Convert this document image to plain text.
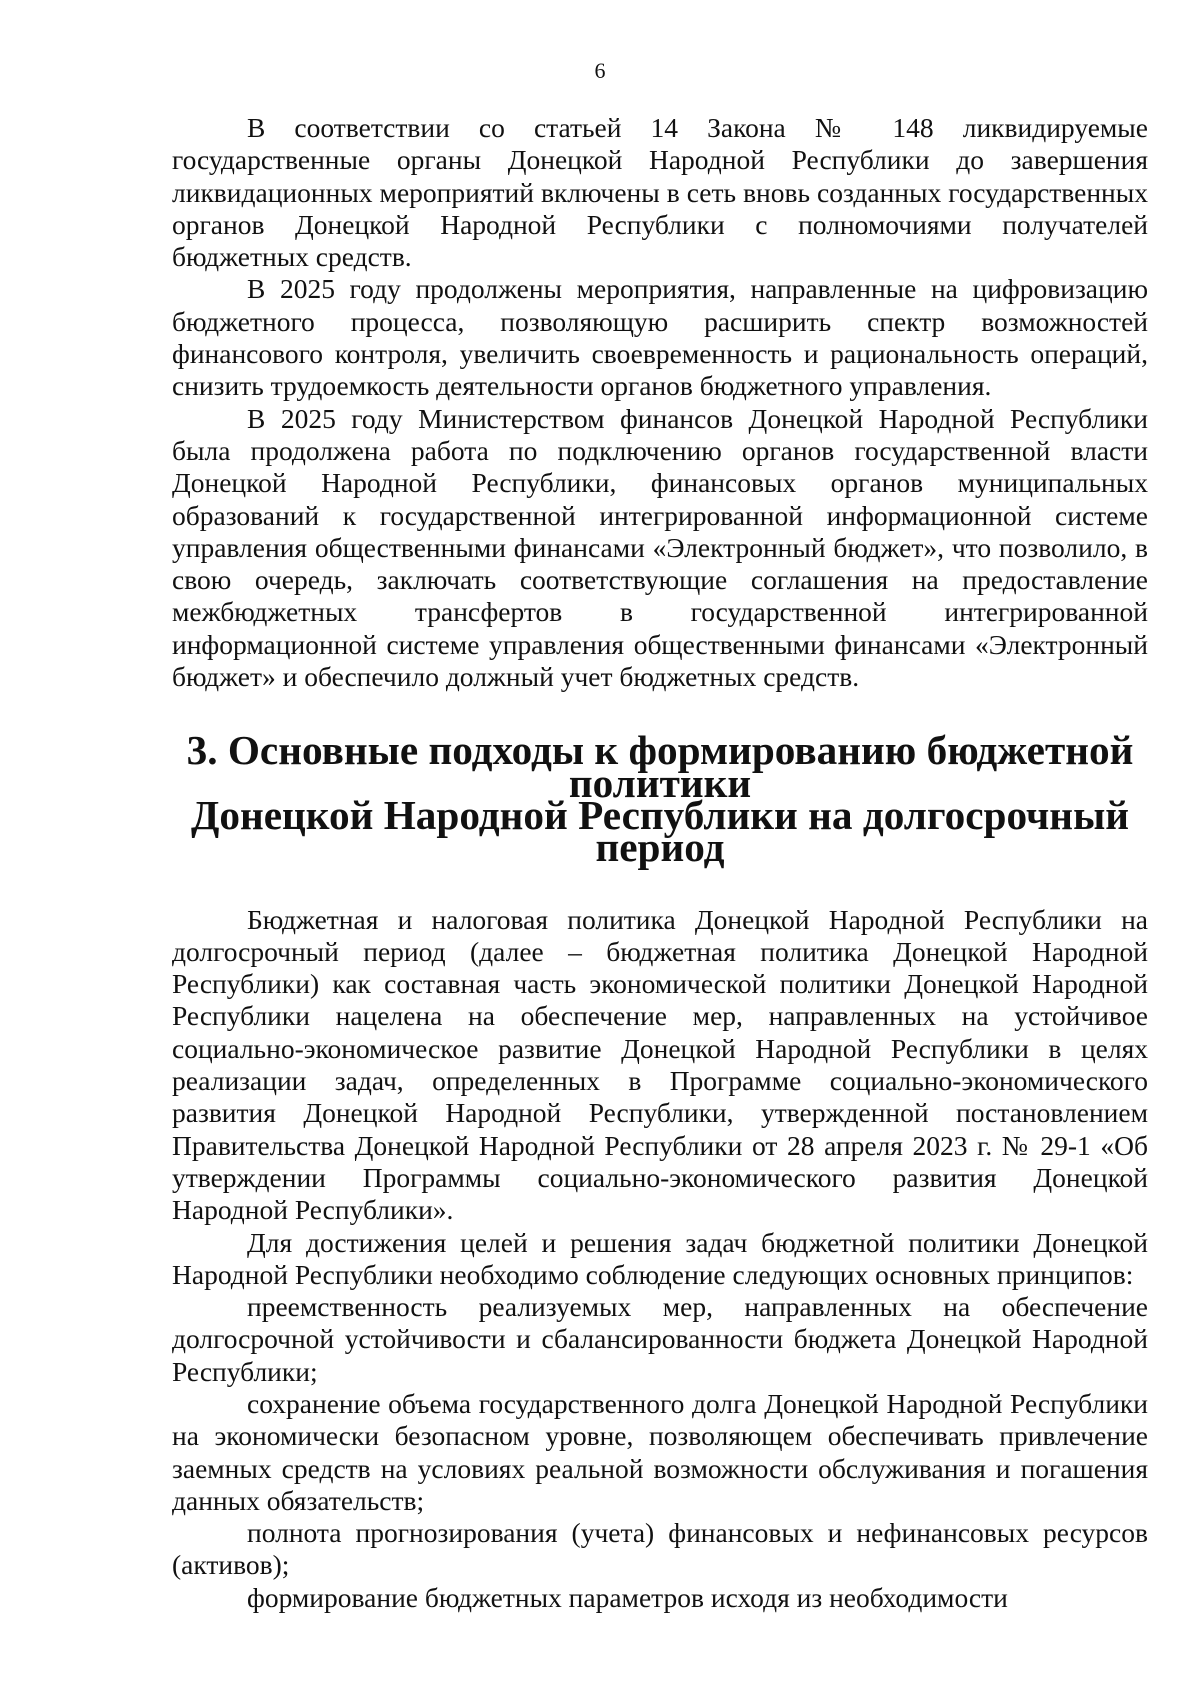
6

В соответствии со статьей 14 Закона № 148 ликвидируемые государственные органы Донецкой Народной Республики до завершения ликвидационных мероприятий включены в сеть вновь созданных государственных органов Донецкой Народной Республики с полномочиями получателей бюджетных средств.

В 2025 году продолжены мероприятия, направленные на цифровизацию бюджетного процесса, позволяющую расширить спектр возможностей финансового контроля, увеличить своевременность и рациональность операций, снизить трудоемкость деятельности органов бюджетного управления.

В 2025 году Министерством финансов Донецкой Народной Республики была продолжена работа по подключению органов государственной власти Донецкой Народной Республики, финансовых органов муниципальных образований к государственной интегрированной информационной системе управления общественными финансами «Электронный бюджет», что позволило, в свою очередь, заключать соответствующие соглашения на предоставление межбюджетных трансфертов в государственной интегрированной информационной системе управления общественными финансами «Электронный бюджет» и обеспечило должный учет бюджетных средств.

3. Основные подходы к формированию бюджетной политики
Донецкой Народной Республики на долгосрочный период

Бюджетная и налоговая политика Донецкой Народной Республики на долгосрочный период (далее – бюджетная политика Донецкой Народной Республики) как составная часть экономической политики Донецкой Народной Республики нацелена на обеспечение мер, направленных на устойчивое социально-экономическое развитие Донецкой Народной Республики в целях реализации задач, определенных в Программе социально-экономического развития Донецкой Народной Республики, утвержденной постановлением Правительства Донецкой Народной Республики от 28 апреля 2023 г. № 29-1 «Об утверждении Программы социально-экономического развития Донецкой Народной Республики».

Для достижения целей и решения задач бюджетной политики Донецкой Народной Республики необходимо соблюдение следующих основных принципов:

преемственность реализуемых мер, направленных на обеспечение долгосрочной устойчивости и сбалансированности бюджета Донецкой Народной Республики;

сохранение объема государственного долга Донецкой Народной Республики на экономически безопасном уровне, позволяющем обеспечивать привлечение заемных средств на условиях реальной возможности обслуживания и погашения данных обязательств;

полнота прогнозирования (учета) финансовых и нефинансовых ресурсов (активов);

формирование бюджетных параметров исходя из необходимости
